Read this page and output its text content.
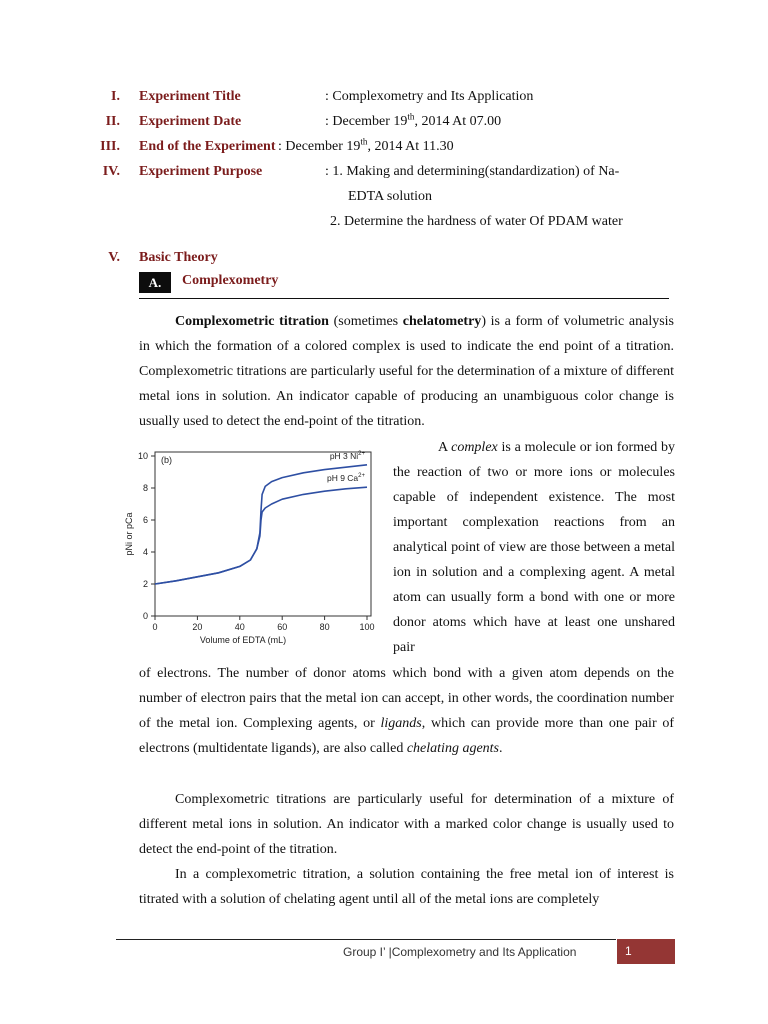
I. Experiment Title	: Complexometry and Its Application
II. Experiment Date	: December 19th, 2014 At 07.00
III. End of the Experiment : December 19th, 2014 At 11.30
IV. Experiment Purpose	: 1. Making and determining(standardization) of Na-
EDTA solution
2. Determine the hardness of water Of PDAM water
V. Basic Theory
A.	Complexometry
Complexometric titration (sometimes chelatometry) is a form of volumetric analysis in which the formation of a colored complex is used to indicate the end point of a titration. Complexometric titrations are particularly useful for the determination of a mixture of different metal ions in solution. An indicator capable of producing an unambiguous color change is usually used to detect the end-point of the titration.
0
2
4
6
8
10
0	20	40	60	80	100
Volume of EDTA (mL)
pNi or pCa
(b)	pH 3 $Ni^{2+}$
pH 9 $Ca^{2+}$
A complex is a molecule or ion formed by the reaction of two or more ions or molecules capable of independent existence. The most important complexation reactions from an analytical point of view are those between a metal ion in solution and a complexing agent. A metal atom can usually form a bond with one or more donor atoms which have at least one unshared pair
of electrons. The number of donor atoms which bond with a given atom depends on the number of electron pairs that the metal ion can accept, in other words, the coordination number of the metal ion. Complexing agents, or ligands, which can provide more than one pair of electrons (multidentate ligands), are also called chelating agents.
Complexometric titrations are particularly useful for determination of a mixture of different metal ions in solution. An indicator with a marked color change is usually used to detect the end-point of the titration.
In a complexometric titration, a solution containing the free metal ion of interest is titrated with a solution of chelating agent until all of the metal ions are completely
Group I’ |Complexometry and Its Application	1
